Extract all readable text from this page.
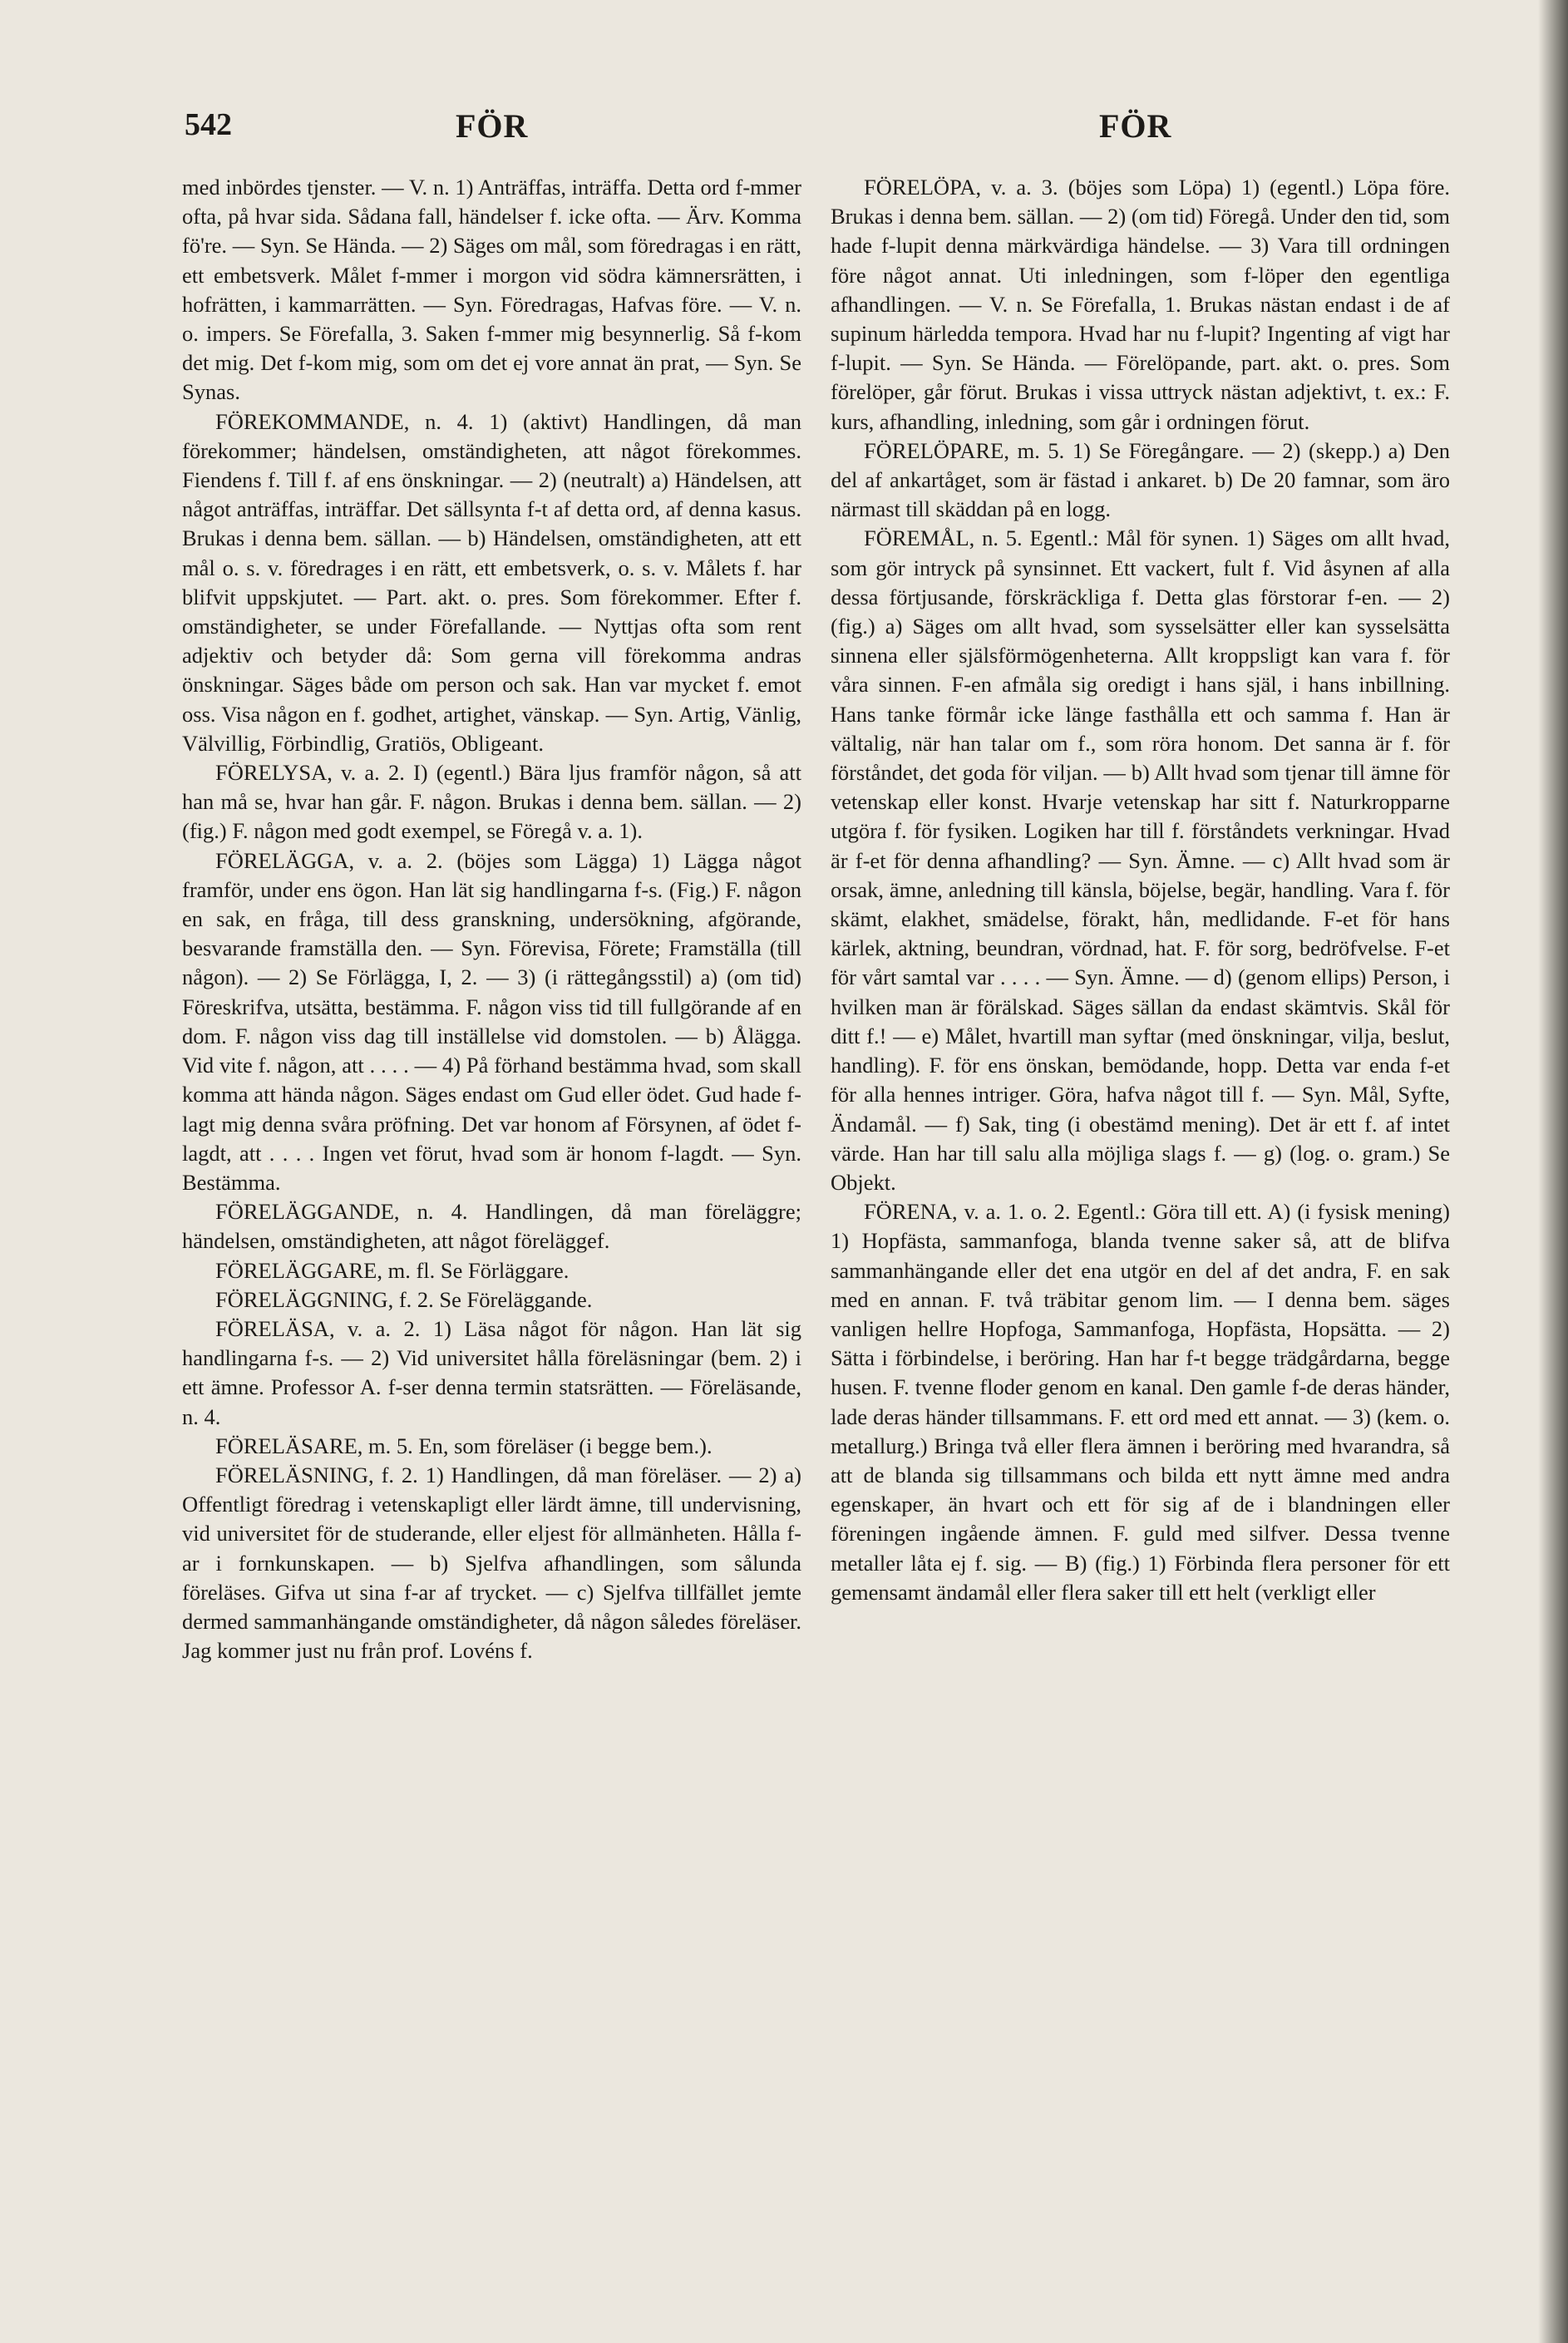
542	FÖR	FÖR

med inbördes tjenster. — V. n. 1) Anträffas, inträffa. Detta ord f-mmer ofta, på hvar sida. Sådana fall, händelser f. icke ofta. — Ärv. Komma fö're. — Syn. Se Hända. — 2) Säges om mål, som föredragas i en rätt, ett embetsverk. Målet f-mmer i morgon vid södra kämnersrätten, i hofrätten, i kammarrätten. — Syn. Föredragas, Hafvas före. — V. n. o. impers. Se Förefalla, 3. Saken f-mmer mig besynnerlig. Så f-kom det mig. Det f-kom mig, som om det ej vore annat än prat, — Syn. Se Synas.

FÖREKOMMANDE, n. 4. 1) (aktivt) Handlingen, då man förekommer; händelsen, omständigheten, att något förekommes. Fiendens f. Till f. af ens önskningar. — 2) (neutralt) a) Händelsen, att något anträffas, inträffar. Det sällsynta f-t af detta ord, af denna kasus. Brukas i denna bem. sällan. — b) Händelsen, omständigheten, att ett mål o. s. v. föredrages i en rätt, ett embetsverk, o. s. v. Målets f. har blifvit uppskjutet. — Part. akt. o. pres. Som förekommer. Efter f. omständigheter, se under Förefallande. — Nyttjas ofta som rent adjektiv och betyder då: Som gerna vill förekomma andras önskningar. Säges både om person och sak. Han var mycket f. emot oss. Visa någon en f. godhet, artighet, vänskap. — Syn. Artig, Vänlig, Välvillig, Förbindlig, Gratiös, Obligeant.

FÖRELYSA, v. a. 2. I) (egentl.) Bära ljus framför någon, så att han må se, hvar han går. F. någon. Brukas i denna bem. sällan. — 2) (fig.) F. någon med godt exempel, se Föregå v. a. 1).

FÖRELÄGGA, v. a. 2. (böjes som Lägga) 1) Lägga något framför, under ens ögon. Han lät sig handlingarna f-s. (Fig.) F. någon en sak, en fråga, till dess granskning, undersökning, afgörande, besvarande framställa den. — Syn. Förevisa, Förete; Framställa (till någon). — 2) Se Förlägga, I, 2. — 3) (i rättegångsstil) a) (om tid) Föreskrifva, utsätta, bestämma. F. någon viss tid till fullgörande af en dom. F. någon viss dag till inställelse vid domstolen. — b) Ålägga. Vid vite f. någon, att . . . . — 4) På förhand bestämma hvad, som skall komma att hända någon. Säges endast om Gud eller ödet. Gud hade f-lagt mig denna svåra pröfning. Det var honom af Försynen, af ödet f-lagdt, att . . . . Ingen vet förut, hvad som är honom f-lagdt. — Syn. Bestämma.

FÖRELÄGGANDE, n. 4. Handlingen, då man föreläggre; händelsen, omständigheten, att något föreläggef.

FÖRELÄGGARE, m. fl. Se Förläggare.

FÖRELÄGGNING, f. 2. Se Föreläggande.

FÖRELÄSA, v. a. 2. 1) Läsa något för någon. Han lät sig handlingarna f-s. — 2) Vid universitet hålla föreläsningar (bem. 2) i ett ämne. Professor A. f-ser denna termin statsrätten. — Föreläsande, n. 4.

FÖRELÄSARE, m. 5. En, som föreläser (i begge bem.).

FÖRELÄSNING, f. 2. 1) Handlingen, då man föreläser. — 2) a) Offentligt föredrag i vetenskapligt eller lärdt ämne, till undervisning, vid universitet för de studerande, eller eljest för allmänheten. Hålla f-ar i fornkunskapen. — b) Sjelfva afhandlingen, som sålunda föreläses. Gifva ut sina f-ar af trycket. — c) Sjelfva tillfället jemte dermed sammanhängande omständigheter, då någon således föreläser. Jag kommer just nu från prof. Lovéns f.

FÖRELÖPA, v. a. 3. (böjes som Löpa) 1) (egentl.) Löpa före. Brukas i denna bem. sällan. — 2) (om tid) Föregå. Under den tid, som hade f-lupit denna märkvärdiga händelse. — 3) Vara till ordningen före något annat. Uti inledningen, som f-löper den egentliga afhandlingen. — V. n. Se Förefalla, 1. Brukas nästan endast i de af supinum härledda tempora. Hvad har nu f-lupit? Ingenting af vigt har f-lupit. — Syn. Se Hända. — Förelöpande, part. akt. o. pres. Som förelöper, går förut. Brukas i vissa uttryck nästan adjektivt, t. ex.: F. kurs, afhandling, inledning, som går i ordningen förut.

FÖRELÖPARE, m. 5. 1) Se Föregångare. — 2) (skepp.) a) Den del af ankartåget, som är fästad i ankaret. b) De 20 famnar, som äro närmast till skäddan på en logg.

FÖREMÅL, n. 5. Egentl.: Mål för synen. 1) Säges om allt hvad, som gör intryck på synsinnet. Ett vackert, fult f. Vid åsynen af alla dessa förtjusande, förskräckliga f. Detta glas förstorar f-en. — 2) (fig.) a) Säges om allt hvad, som sysselsätter eller kan sysselsätta sinnena eller själsförmögenheterna. Allt kroppsligt kan vara f. för våra sinnen. F-en afmåla sig oredigt i hans själ, i hans inbillning. Hans tanke förmår icke länge fasthålla ett och samma f. Han är vältalig, när han talar om f., som röra honom. Det sanna är f. för förståndet, det goda för viljan. — b) Allt hvad som tjenar till ämne för vetenskap eller konst. Hvarje vetenskap har sitt f. Naturkropparne utgöra f. för fysiken. Logiken har till f. förståndets verkningar. Hvad är f-et för denna afhandling? — Syn. Ämne. — c) Allt hvad som är orsak, ämne, anledning till känsla, böjelse, begär, handling. Vara f. för skämt, elakhet, smädelse, förakt, hån, medlidande. F-et för hans kärlek, aktning, beundran, vördnad, hat. F. för sorg, bedröfvelse. F-et för vårt samtal var . . . . — Syn. Ämne. — d) (genom ellips) Person, i hvilken man är förälskad. Säges sällan da endast skämtvis. Skål för ditt f.! — e) Målet, hvartill man syftar (med önskningar, vilja, beslut, handling). F. för ens önskan, bemödande, hopp. Detta var enda f-et för alla hennes intriger. Göra, hafva något till f. — Syn. Mål, Syfte, Ändamål. — f) Sak, ting (i obestämd mening). Det är ett f. af intet värde. Han har till salu alla möjliga slags f. — g) (log. o. gram.) Se Objekt.

FÖRENA, v. a. 1. o. 2. Egentl.: Göra till ett. A) (i fysisk mening) 1) Hopfästa, sammanfoga, blanda tvenne saker så, att de blifva sammanhängande eller det ena utgör en del af det andra, F. en sak med en annan. F. två träbitar genom lim. — I denna bem. säges vanligen hellre Hopfoga, Sammanfoga, Hopfästa, Hopsätta. — 2) Sätta i förbindelse, i beröring. Han har f-t begge trädgårdarna, begge husen. F. tvenne floder genom en kanal. Den gamle f-de deras händer, lade deras händer tillsammans. F. ett ord med ett annat. — 3) (kem. o. metallurg.) Bringa två eller flera ämnen i beröring med hvarandra, så att de blanda sig tillsammans och bilda ett nytt ämne med andra egenskaper, än hvart och ett för sig af de i blandningen eller föreningen ingående ämnen. F. guld med silfver. Dessa tvenne metaller låta ej f. sig. — B) (fig.) 1) Förbinda flera personer för ett gemensamt ändamål eller flera saker till ett helt (verkligt eller
